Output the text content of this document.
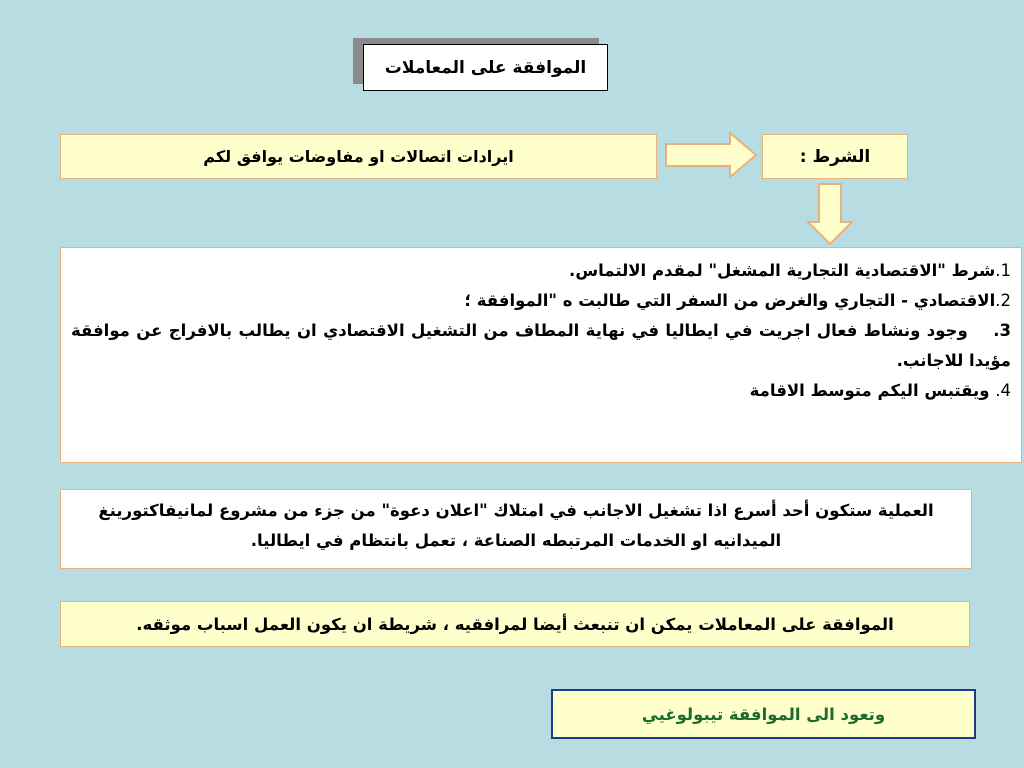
الموافقة على المعاملات
ايرادات اتصالات او مفاوضات يوافق لكم	الشرط :

1.شرط "الاقتصادية التجارية المشغل" لمقدم الالتماس.

2.الاقتصادي - التجاري والغرض من السفر التي طالبت ه "الموافقة ؛

3.    وجود ونشاط فعال اجريت في ايطاليا في نهاية المطاف من التشغيل الاقتصادي ان يطالب بالافراج عن موافقة مؤيدا للاجانب.

4. ويقتبس اليكم متوسط الاقامة

العملية ستكون أحد أسرع اذا تشغيل الاجانب في امتلاك "اعلان دعوة" من جزء من مشروع لمانيفاكتورينغ الميدانيه او الخدمات المرتبطه الصناعة ، تعمل بانتظام في ايطاليا.
الموافقة على المعاملات يمكن ان تنبعث أيضا لمرافقيه ، شريطة ان يكون العمل اسباب موثقه.
وتعود الى الموافقة تيبولوغيي
